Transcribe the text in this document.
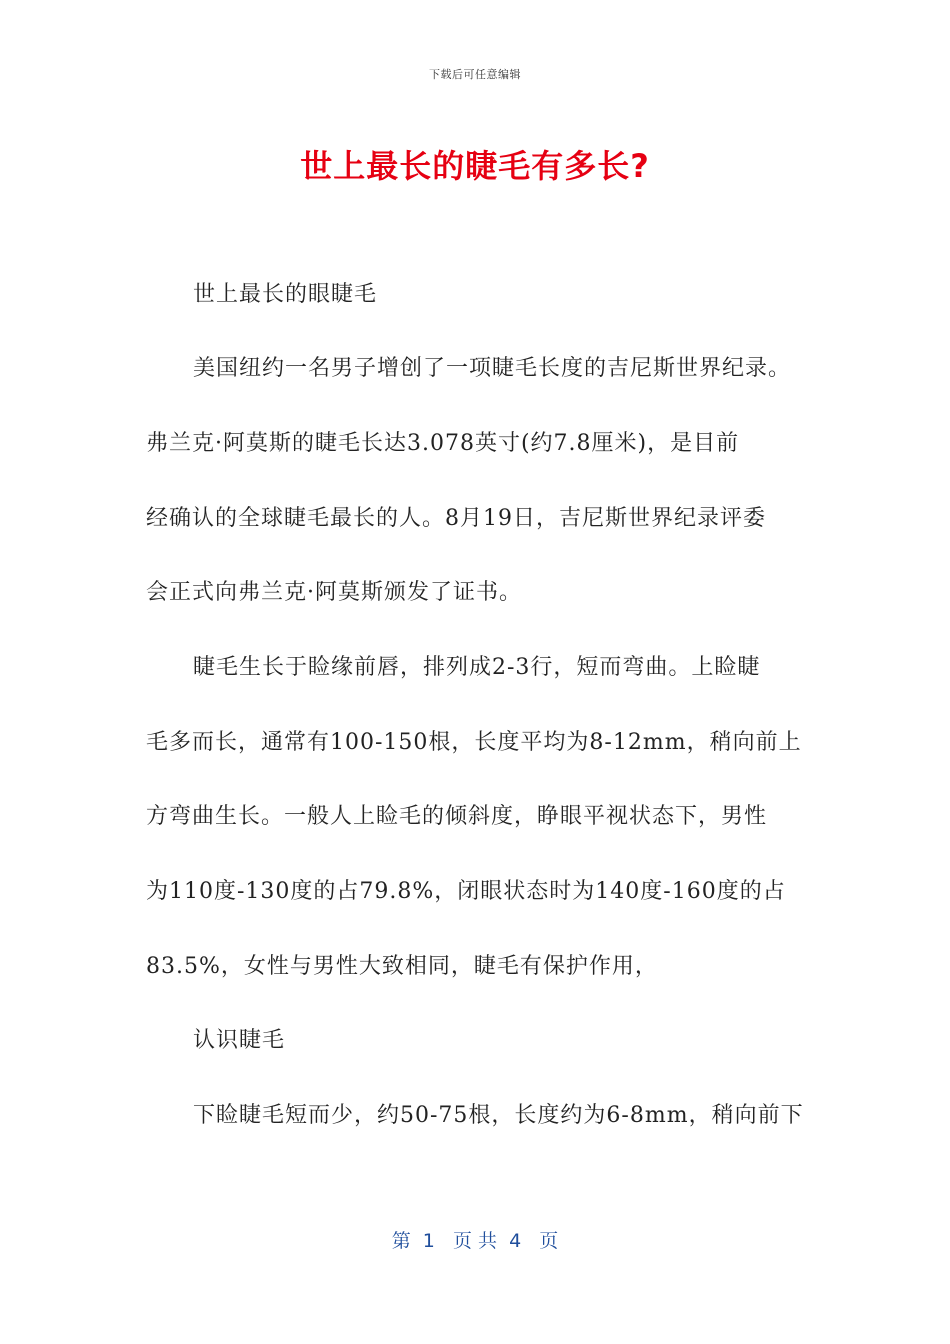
下载后可任意编辑
世上最长的睫毛有多长?
世上最长的眼睫毛
美国纽约一名男子增创了一项睫毛长度的吉尼斯世界纪录。
弗兰克·阿莫斯的睫毛长达3.078英寸(约7.8厘米)，是目前
经确认的全球睫毛最长的人。8月19日，吉尼斯世界纪录评委
会正式向弗兰克·阿莫斯颁发了证书。
睫毛生长于睑缘前唇，排列成2-3行，短而弯曲。上睑睫
毛多而长，通常有100-150根，长度平均为8-12mm，稍向前上
方弯曲生长。一般人上睑毛的倾斜度，睁眼平视状态下，男性
为110度-130度的占79.8%，闭眼状态时为140度-160度的占
83.5%，女性与男性大致相同，睫毛有保护作用，
认识睫毛
下睑睫毛短而少，约50-75根，长度约为6-8mm，稍向前下
第  1   页 共  4   页
